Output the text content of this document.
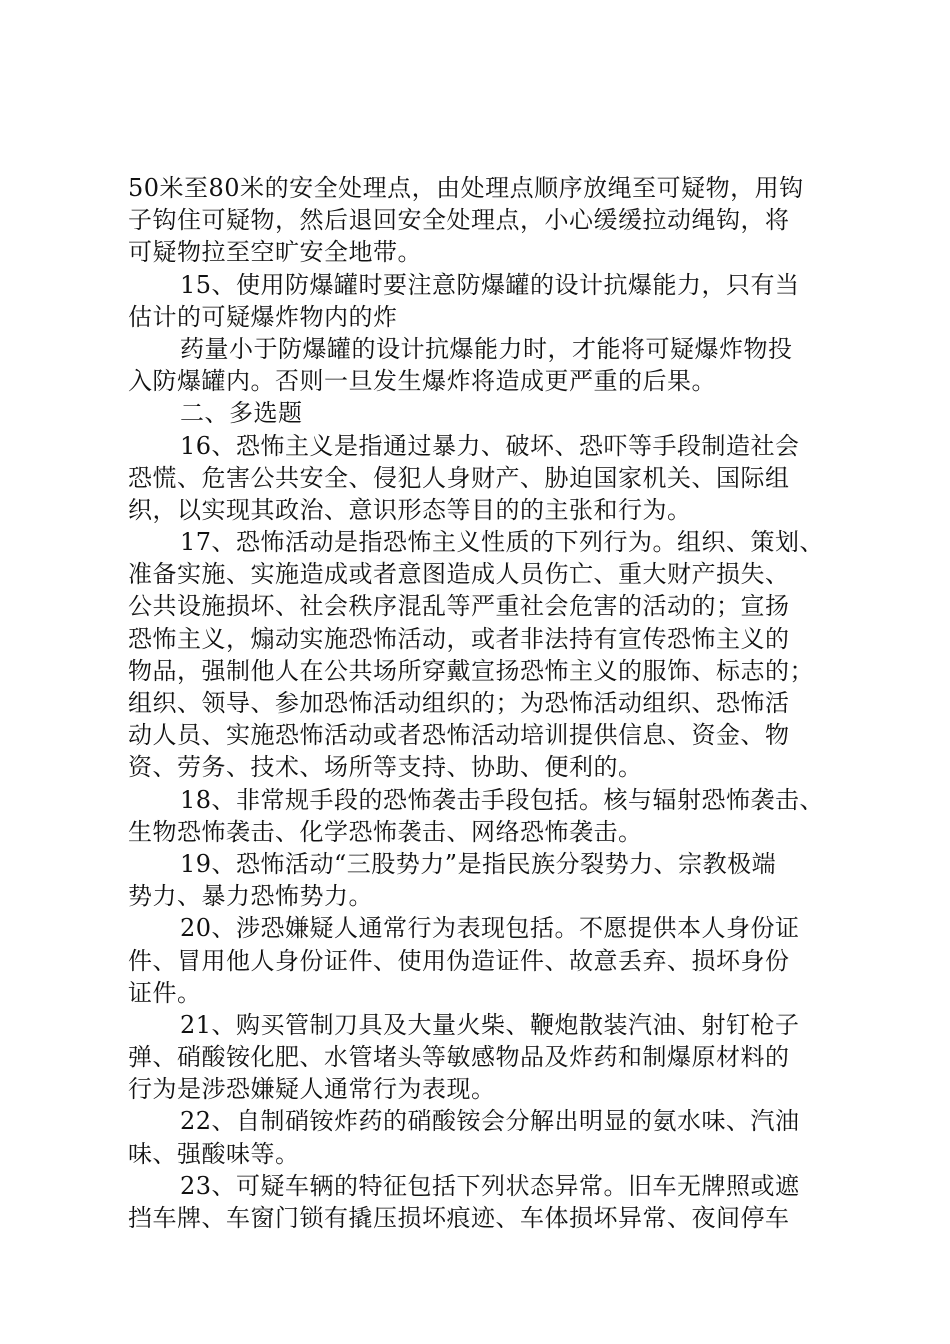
50米至80米的安全处理点，由处理点顺序放绳至可疑物，用钩
子钩住可疑物，然后退回安全处理点，小心缓缓拉动绳钩，将
可疑物拉至空旷安全地带。
15、使用防爆罐时要注意防爆罐的设计抗爆能力，只有当
估计的可疑爆炸物内的炸
药量小于防爆罐的设计抗爆能力时，才能将可疑爆炸物投
入防爆罐内。否则一旦发生爆炸将造成更严重的后果。
二、多选题
16、恐怖主义是指通过暴力、破坏、恐吓等手段制造社会
恐慌、危害公共安全、侵犯人身财产、胁迫国家机关、国际组
织，以实现其政治、意识形态等目的的主张和行为。
17、恐怖活动是指恐怖主义性质的下列行为。组织、策划、
准备实施、实施造成或者意图造成人员伤亡、重大财产损失、
公共设施损坏、社会秩序混乱等严重社会危害的活动的；宣扬
恐怖主义，煽动实施恐怖活动，或者非法持有宣传恐怖主义的
物品，强制他人在公共场所穿戴宣扬恐怖主义的服饰、标志的；
组织、领导、参加恐怖活动组织的；为恐怖活动组织、恐怖活
动人员、实施恐怖活动或者恐怖活动培训提供信息、资金、物
资、劳务、技术、场所等支持、协助、便利的。
18、非常规手段的恐怖袭击手段包括。核与辐射恐怖袭击、
生物恐怖袭击、化学恐怖袭击、网络恐怖袭击。
19、恐怖活动“三股势力”是指民族分裂势力、宗教极端
势力、暴力恐怖势力。
20、涉恐嫌疑人通常行为表现包括。不愿提供本人身份证
件、冒用他人身份证件、使用伪造证件、故意丢弃、损坏身份
证件。
21、购买管制刀具及大量火柴、鞭炮散装汽油、射钉枪子
弹、硝酸铵化肥、水管堵头等敏感物品及炸药和制爆原材料的
行为是涉恐嫌疑人通常行为表现。
22、自制硝铵炸药的硝酸铵会分解出明显的氨水味、汽油
味、强酸味等。
23、可疑车辆的特征包括下列状态异常。旧车无牌照或遮
挡车牌、车窗门锁有撬压损坏痕迹、车体损坏异常、夜间停车
